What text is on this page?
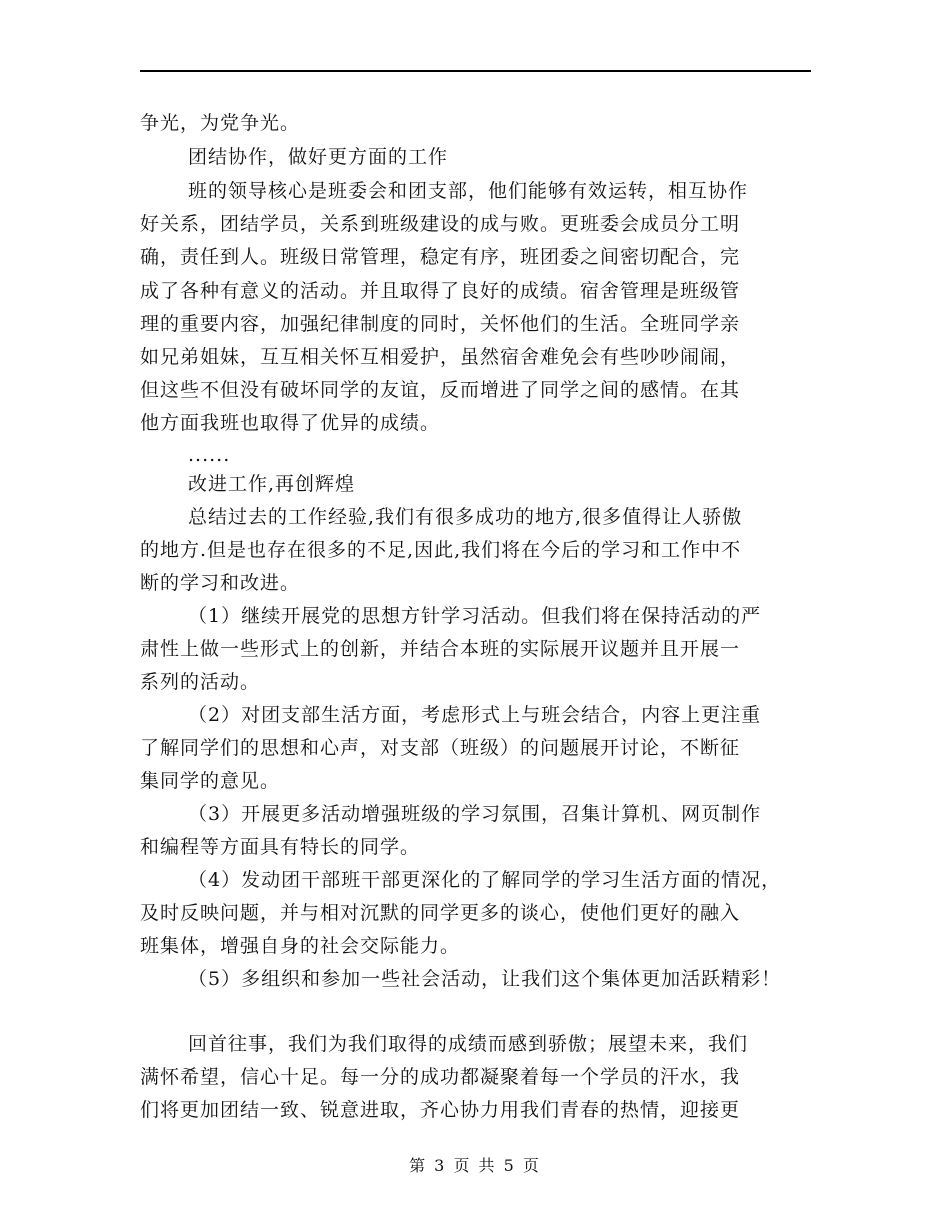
争光，为党争光。
团结协作，做好更方面的工作
班的领导核心是班委会和团支部，他们能够有效运转，相互协作
好关系，团结学员，关系到班级建设的成与败。更班委会成员分工明
确，责任到人。班级日常管理，稳定有序，班团委之间密切配合，完
成了各种有意义的活动。并且取得了良好的成绩。宿舍管理是班级管
理的重要内容，加强纪律制度的同时，关怀他们的生活。全班同学亲
如兄弟姐妹，互互相关怀互相爱护，虽然宿舍难免会有些吵吵闹闹，
但这些不但没有破坏同学的友谊，反而增进了同学之间的感情。在其
他方面我班也取得了优异的成绩。
......
改进工作,再创辉煌
总结过去的工作经验,我们有很多成功的地方,很多值得让人骄傲
的地方.但是也存在很多的不足,因此,我们将在今后的学习和工作中不
断的学习和改进。
（1）继续开展党的思想方针学习活动。但我们将在保持活动的严
肃性上做一些形式上的创新，并结合本班的实际展开议题并且开展一
系列的活动。
（2）对团支部生活方面，考虑形式上与班会结合，内容上更注重
了解同学们的思想和心声，对支部（班级）的问题展开讨论，不断征
集同学的意见。
（3）开展更多活动增强班级的学习氛围，召集计算机、网页制作
和编程等方面具有特长的同学。
（4）发动团干部班干部更深化的了解同学的学习生活方面的情况，
及时反映问题，并与相对沉默的同学更多的谈心，使他们更好的融入
班集体，增强自身的社会交际能力。
（5）多组织和参加一些社会活动，让我们这个集体更加活跃精彩！
回首往事，我们为我们取得的成绩而感到骄傲；展望未来，我们
满怀希望，信心十足。每一分的成功都凝聚着每一个学员的汗水，我
们将更加团结一致、锐意进取，齐心协力用我们青春的热情，迎接更
第 3 页 共 5 页
